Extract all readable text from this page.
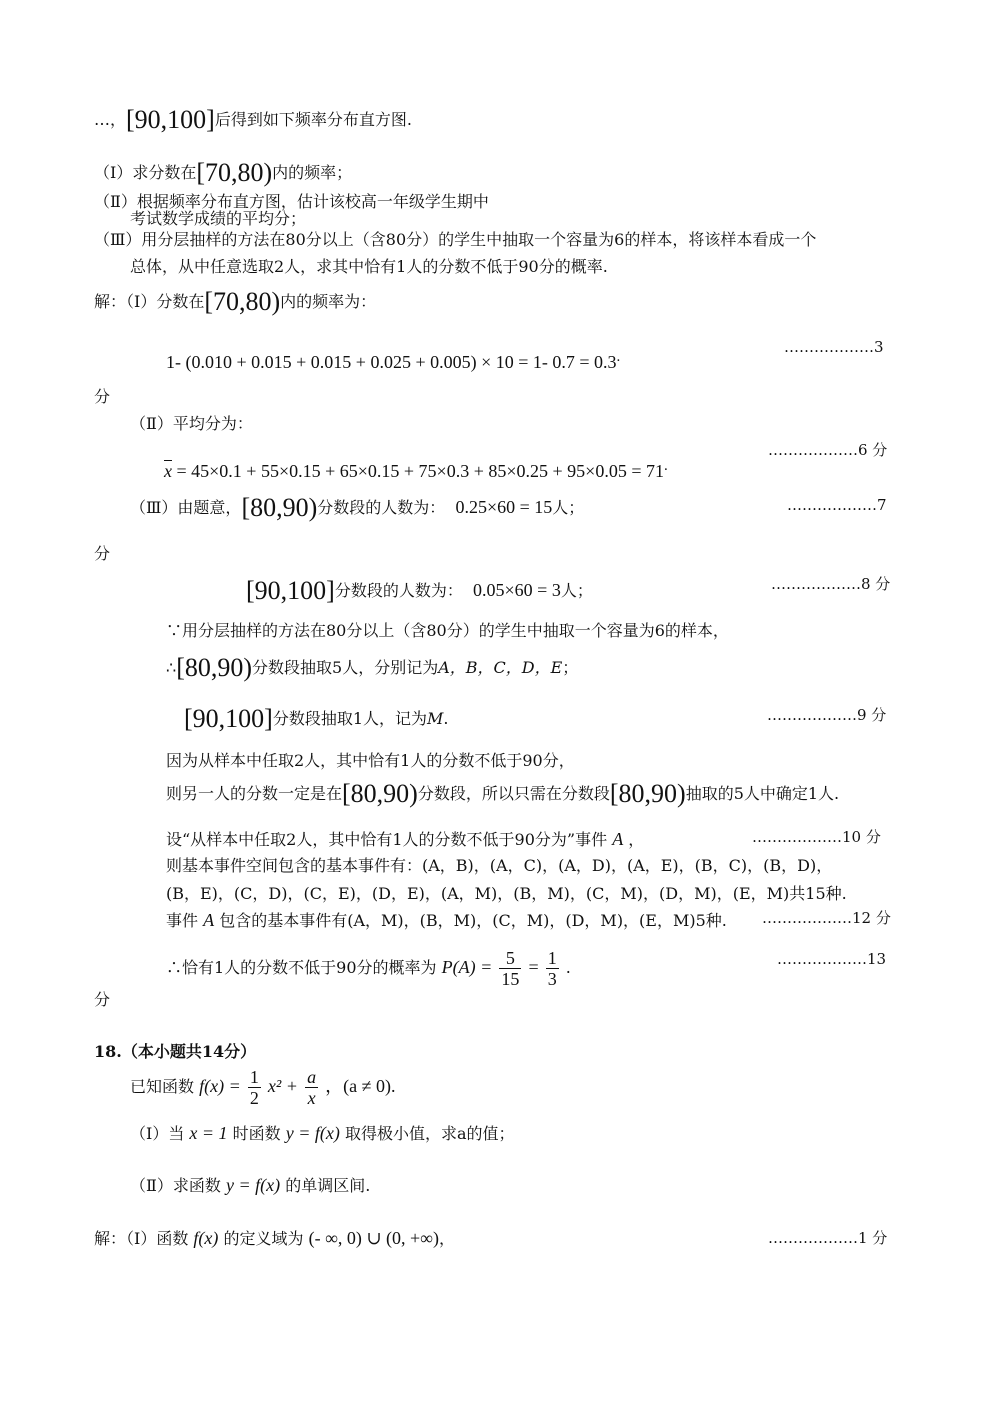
…，[90,100]后得到如下频率分布直方图.
（Ⅰ）求分数在[70,80)内的频率；
（Ⅱ）根据频率分布直方图，估计该校高一年级学生期中
考试数学成绩的平均分；
（Ⅲ）用分层抽样的方法在80分以上（含80分）的学生中抽取一个容量为6的样本，将该样本看成一个
总体，从中任意选取2人，求其中恰有1人的分数不低于90分的概率.
解：（Ⅰ）分数在[70,80)内的频率为：
1- (0.010 + 0.015 + 0.015 + 0.025 + 0.005) × 10 = 1- 0.7 = 0.3.
………………3
分
（Ⅱ）平均分为：
$\overline{x} = 45\times 0.1 + 55\times 0.15 + 65\times 0.15 + 75\times 0.3 + 85\times 0.25 + 95\times 0.05 = 71^.$
………………6 分
（Ⅲ）由题意，[80,90)分数段的人数为： 0.25×60 = 15人；	………………7
分
[90,100]分数段的人数为： 0.05×60 = 3人；	………………8 分
∵用分层抽样的方法在80分以上（含80分）的学生中抽取一个容量为6的样本，
∴[80,90)分数段抽取5人，分别记为A，B，C，D，E；
[90,100]分数段抽取1人，记为M.	………………9 分
因为从样本中任取2人，其中恰有1人的分数不低于90分，
则另一人的分数一定是在[80,90)分数段，所以只需在分数段[80,90)抽取的5人中确定1人.
设“从样本中任取2人，其中恰有1人的分数不低于90分为”事件 A ，	………………10 分
则基本事件空间包含的基本事件有：(A，B)，(A，C)，(A，D)，(A，E)，(B，C)，(B，D)，
(B，E)，(C，D)，(C，E)，(D，E)，(A，M)，(B，M)，(C，M)，(D，M)，(E，M)共15种.
事件 A 包含的基本事件有(A，M)，(B，M)，(C，M)，(D，M)，(E，M)5种. ………………12 分
∴恰有1人的分数不低于90分的概率为 $P(A) = \frac{5}{15} = \frac{1}{3}$ .	………………13
分
18.（本小题共14分）
已知函数 $f(x) = \frac{1}{2} x^2 + \frac{a}{x}$ ，(a ≠ 0).
（Ⅰ）当 x = 1 时函数 y = f(x) 取得极小值，求a的值；
（Ⅱ）求函数 y = f(x) 的单调区间.
解：（Ⅰ）函数 f(x) 的定义域为 (- ∞, 0) ∪ (0, +∞)，	………………1 分
